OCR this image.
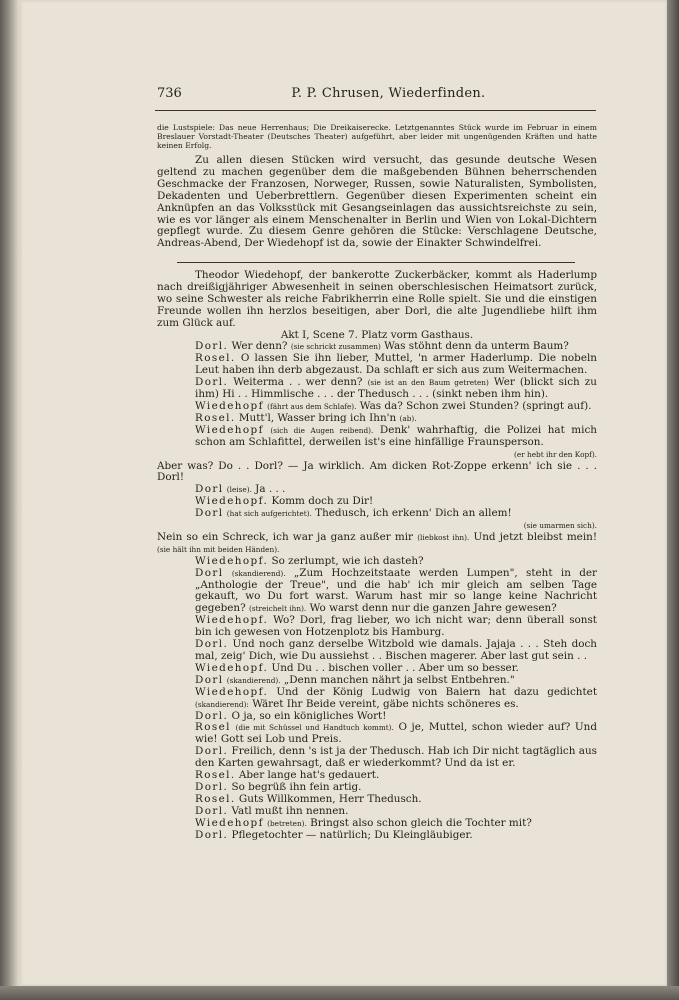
736	P. P. Chrusen, Wiederfinden.

die Lustspiele: Das neue Herrenhaus; Die Dreikaiserecke. Letztgenanntes Stück wurde im Februar in einem Breslauer Vorstadt-Theater (Deutsches Theater) aufgeführt, aber leider mit ungenügenden Kräften und hatte keinen Erfolg.

Zu allen diesen Stücken wird versucht, das gesunde deutsche Wesen geltend zu machen gegenüber dem die maßgebenden Bühnen beherrschenden Geschmacke der Franzosen, Norweger, Russen, sowie Naturalisten, Symbolisten, Dekadenten und Ueberbrettlern. Gegenüber diesen Experimenten scheint ein Anknüpfen an das Volksstück mit Gesangseinlagen das aussichtsreichste zu sein, wie es vor länger als einem Menschenalter in Berlin und Wien von Lokal-Dichtern gepflegt wurde. Zu diesem Genre gehören die Stücke: Verschlagene Deutsche, Andreas-Abend, Der Wiedehopf ist da, sowie der Einakter Schwindelfrei.

Theodor Wiedehopf, der bankerotte Zuckerbäcker, kommt als Haderlump nach dreißigjähriger Abwesenheit in seinen oberschlesischen Heimatsort zurück, wo seine Schwester als reiche Fabrikherrin eine Rolle spielt. Sie und die einstigen Freunde wollen ihn herzlos beseitigen, aber Dorl, die alte Jugendliebe hilft ihm zum Glück auf.

Akt I, Scene 7. Platz vorm Gasthaus.

Dorl. Wer denn? (sie schrickt zusammen) Was stöhnt denn da unterm Baum?

Rosel. O lassen Sie ihn lieber, Muttel, 'n armer Haderlump. Die nobeln Leut haben ihn derb abgezaust. Da schlaft er sich aus zum Weitermachen.

Dorl. Weiterma . . wer denn? (sie ist an den Baum getreten) Wer (blickt sich zu ihm) Hi . . Himmlische . . . der Thedusch . . . (sinkt neben ihm hin).

Wiedehopf (fährt aus dem Schlafe). Was da? Schon zwei Stunden? (springt auf).

Rosel. Mutt'l, Wasser bring ich Ihn'n (ab).

Wiedehopf (sich die Augen reibend). Denk' wahrhaftig, die Polizei hat mich schon am Schlafittel, derweilen ist's eine hinfällige Fraunsperson.

(er hebt ihr den Kopf).

Aber was? Do . . Dorl? — Ja wirklich. Am dicken Rot-Zoppe erkenn' ich sie . . . Dorl!

Dorl (leise). Ja . . .

Wiedehopf. Komm doch zu Dir!

Dorl (hat sich aufgerichtet). Thedusch, ich erkenn' Dich an allem!

(sie umarmen sich).

Nein so ein Schreck, ich war ja ganz außer mir (liebkost ihn). Und jetzt bleibst mein! (sie hält ihn mit beiden Händen).

Wiedehopf. So zerlumpt, wie ich dasteh?

Dorl (skandierend). „Zum Hochzeitstaate werden Lumpen", steht in der „Anthologie der Treue", und die hab' ich mir gleich am selben Tage gekauft, wo Du fort warst. Warum hast mir so lange keine Nachricht gegeben? (streichelt ihn). Wo warst denn nur die ganzen Jahre gewesen?

Wiedehopf. Wo? Dorl, frag lieber, wo ich nicht war; denn überall sonst bin ich gewesen von Hotzenplotz bis Hamburg.

Dorl. Und noch ganz derselbe Witzbold wie damals. Jajaja . . . Steh doch mal, zeig' Dich, wie Du aussiehst . . Bischen magerer. Aber last gut sein . .

Wiedehopf. Und Du . . bischen voller . . Aber um so besser.

Dorl (skandierend). „Denn manchen nährt ja selbst Entbehren."

Wiedehopf. Und der König Ludwig von Baiern hat dazu gedichtet (skandierend): Wäret Ihr Beide vereint, gäbe nichts schöneres es.

Dorl. O ja, so ein königliches Wort!

Rosel (die mit Schüssel und Handtuch kommt). O je, Muttel, schon wieder auf? Und wie! Gott sei Lob und Preis.

Dorl. Freilich, denn 's ist ja der Thedusch. Hab ich Dir nicht tagtäglich aus den Karten gewahrsagt, daß er wiederkommt? Und da ist er.

Rosel. Aber lange hat's gedauert.

Dorl. So begrüß ihn fein artig.

Rosel. Guts Willkommen, Herr Thedusch.

Dorl. Vatl mußt ihn nennen.

Wiedehopf (betreten). Bringst also schon gleich die Tochter mit?

Dorl. Pflegetochter — natürlich; Du Kleingläubiger.
